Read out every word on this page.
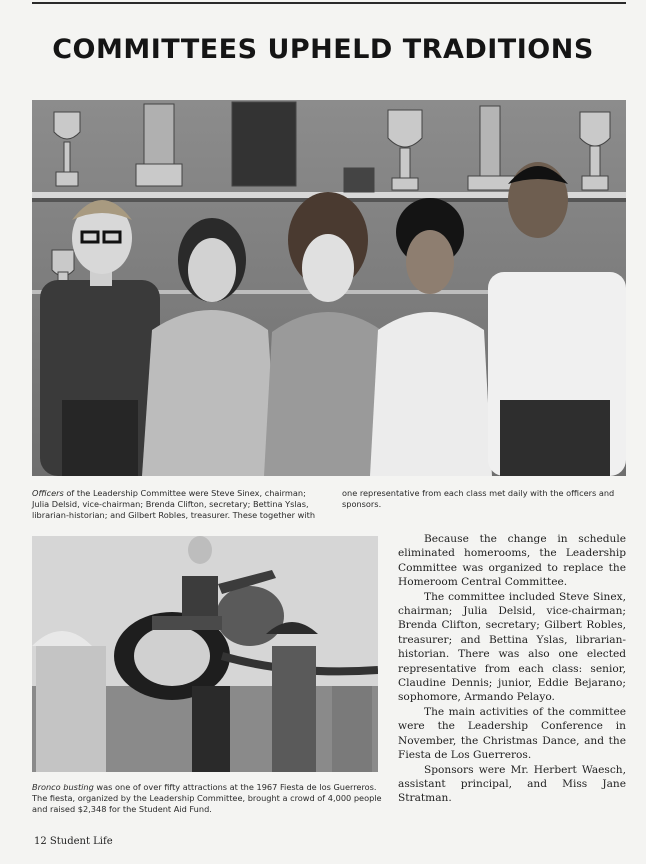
COMMITTEES UPHELD TRADITIONS
Officers of the Leadership Committee were Steve Sinex, chairman; Julia Delsid, vice-chairman; Brenda Clifton, secretary; Bettina Yslas, librarian-historian; and Gilbert Robles, treasurer. These together with
one representative from each class met daily with the officers and sponsors.
Bronco busting was one of over fifty attractions at the 1967 Fiesta de los Guerreros. The fiesta, organized by the Leadership Committee, brought a crowd of 4,000 people and raised $2,348 for the Student Aid Fund.

Because the change in schedule eliminated homerooms, the Leadership Committee was organized to replace the Homeroom Central Committee.

The committee included Steve Sinex, chairman; Julia Delsid, vice-chairman; Brenda Clifton, secretary; Gilbert Robles, treasurer; and Bettina Yslas, librarian-historian. There was also one elected representative from each class: senior, Claudine Dennis; junior, Eddie Bejarano; sophomore, Armando Pelayo.

The main activities of the committee were the Leadership Conference in November, the Christmas Dance, and the Fiesta de Los Guerreros.

Sponsors were Mr. Herbert Waesch, assistant principal, and Miss Jane Stratman.

12 Student Life
